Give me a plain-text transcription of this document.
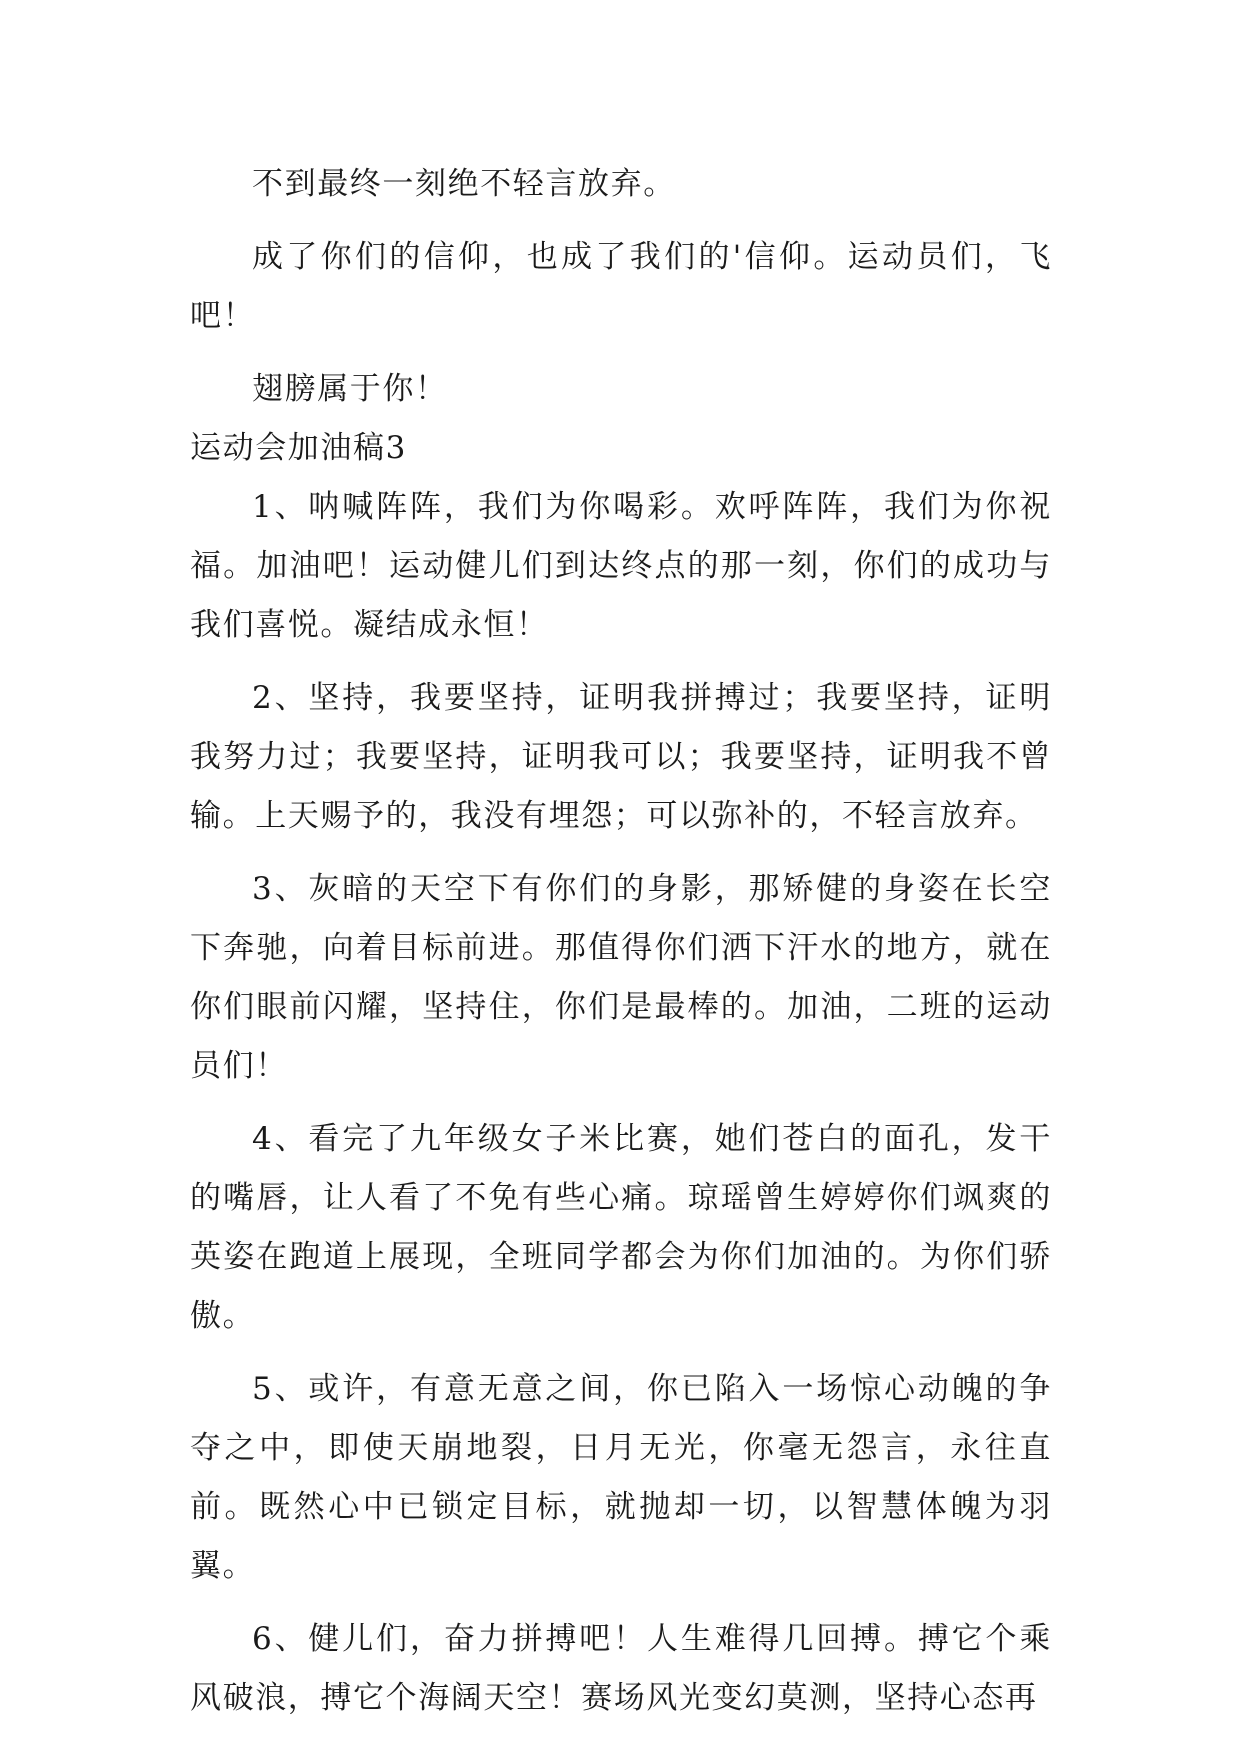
不到最终一刻绝不轻言放弃。

成了你们的信仰，也成了我们的'信仰。运动员们，飞吧！

翅膀属于你！

运动会加油稿3

1、呐喊阵阵，我们为你喝彩。欢呼阵阵，我们为你祝福。加油吧！运动健儿们到达终点的那一刻，你们的成功与我们喜悦。凝结成永恒！

2、坚持，我要坚持，证明我拼搏过；我要坚持，证明我努力过；我要坚持，证明我可以；我要坚持，证明我不曾输。上天赐予的，我没有埋怨；可以弥补的，不轻言放弃。

3、灰暗的天空下有你们的身影，那矫健的身姿在长空下奔驰，向着目标前进。那值得你们洒下汗水的地方，就在你们眼前闪耀，坚持住，你们是最棒的。加油，二班的运动员们！

4、看完了九年级女子米比赛，她们苍白的面孔，发干的嘴唇，让人看了不免有些心痛。琼瑶曾生婷婷你们飒爽的英姿在跑道上展现，全班同学都会为你们加油的。为你们骄傲。

5、或许，有意无意之间，你已陷入一场惊心动魄的争夺之中，即使天崩地裂，日月无光，你毫无怨言，永往直前。既然心中已锁定目标，就抛却一切，以智慧体魄为羽翼。

6、健儿们，奋力拼搏吧！人生难得几回搏。搏它个乘风破浪，搏它个海阔天空！赛场风光变幻莫测，坚持心态再
